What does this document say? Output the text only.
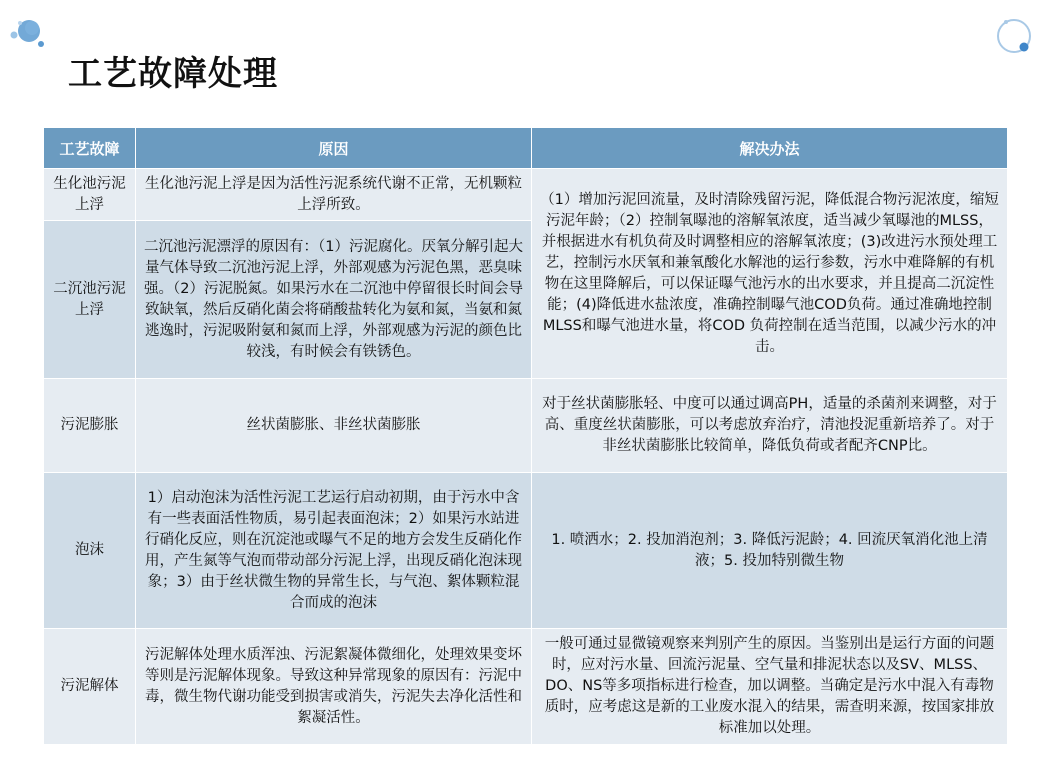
工艺故障处理
工艺故障	原因	解决办法
生化池污泥上浮	生化池污泥上浮是因为活性污泥系统代谢不正常，无机颗粒上浮所致。	（1）增加污泥回流量，及时清除残留污泥，降低混合物污泥浓度，缩短污泥年龄；（2）控制氧曝池的溶解氧浓度，适当减少氧曝池的MLSS，并根据进水有机负荷及时调整相应的溶解氧浓度；(3)改进污水预处理工艺，控制污水厌氧和兼氧酸化水解池的运行参数，污水中难降解的有机物在这里降解后，可以保证曝气池污水的出水要求，并且提高二沉淀性能；(4)降低进水盐浓度，准确控制曝气池COD负荷。通过准确地控制 MLSS和曝气池进水量，将COD 负荷控制在适当范围，以减少污水的冲击。
二沉池污泥上浮	二沉池污泥漂浮的原因有：（1）污泥腐化。厌氧分解引起大量气体导致二沉池污泥上浮，外部观感为污泥色黑，恶臭味强。（2）污泥脱氮。如果污水在二沉池中停留很长时间会导致缺氧，然后反硝化菌会将硝酸盐转化为氨和氮，当氨和氮逃逸时，污泥吸附氨和氮而上浮，外部观感为污泥的颜色比较浅，有时候会有铁锈色。	
污泥膨胀	丝状菌膨胀、非丝状菌膨胀	对于丝状菌膨胀轻、中度可以通过调高PH，适量的杀菌剂来调整，对于高、重度丝状菌膨胀，可以考虑放弃治疗，清池投泥重新培养了。对于非丝状菌膨胀比较简单，降低负荷或者配齐CNP比。
泡沫	1）启动泡沫为活性污泥工艺运行启动初期，由于污水中含有一些表面活性物质，易引起表面泡沫；2）如果污水站进行硝化反应，则在沉淀池或曝气不足的地方会发生反硝化作用，产生氮等气泡而带动部分污泥上浮，出现反硝化泡沫现象；3）由于丝状微生物的异常生长，与气泡、絮体颗粒混合而成的泡沫	1. 喷洒水；2. 投加消泡剂；3. 降低污泥龄；4. 回流厌氧消化池上清液；5. 投加特别微生物
污泥解体	污泥解体处理水质浑浊、污泥絮凝体微细化，处理效果变坏等则是污泥解体现象。导致这种异常现象的原因有：污泥中毒，微生物代谢功能受到损害或消失，污泥失去净化活性和絮凝活性。	一般可通过显微镜观察来判别产生的原因。当鉴别出是运行方面的问题时，应对污水量、回流污泥量、空气量和排泥状态以及SV、MLSS、DO、NS等多项指标进行检查，加以调整。当确定是污水中混入有毒物质时，应考虑这是新的工业废水混入的结果，需查明来源，按国家排放标准加以处理。
